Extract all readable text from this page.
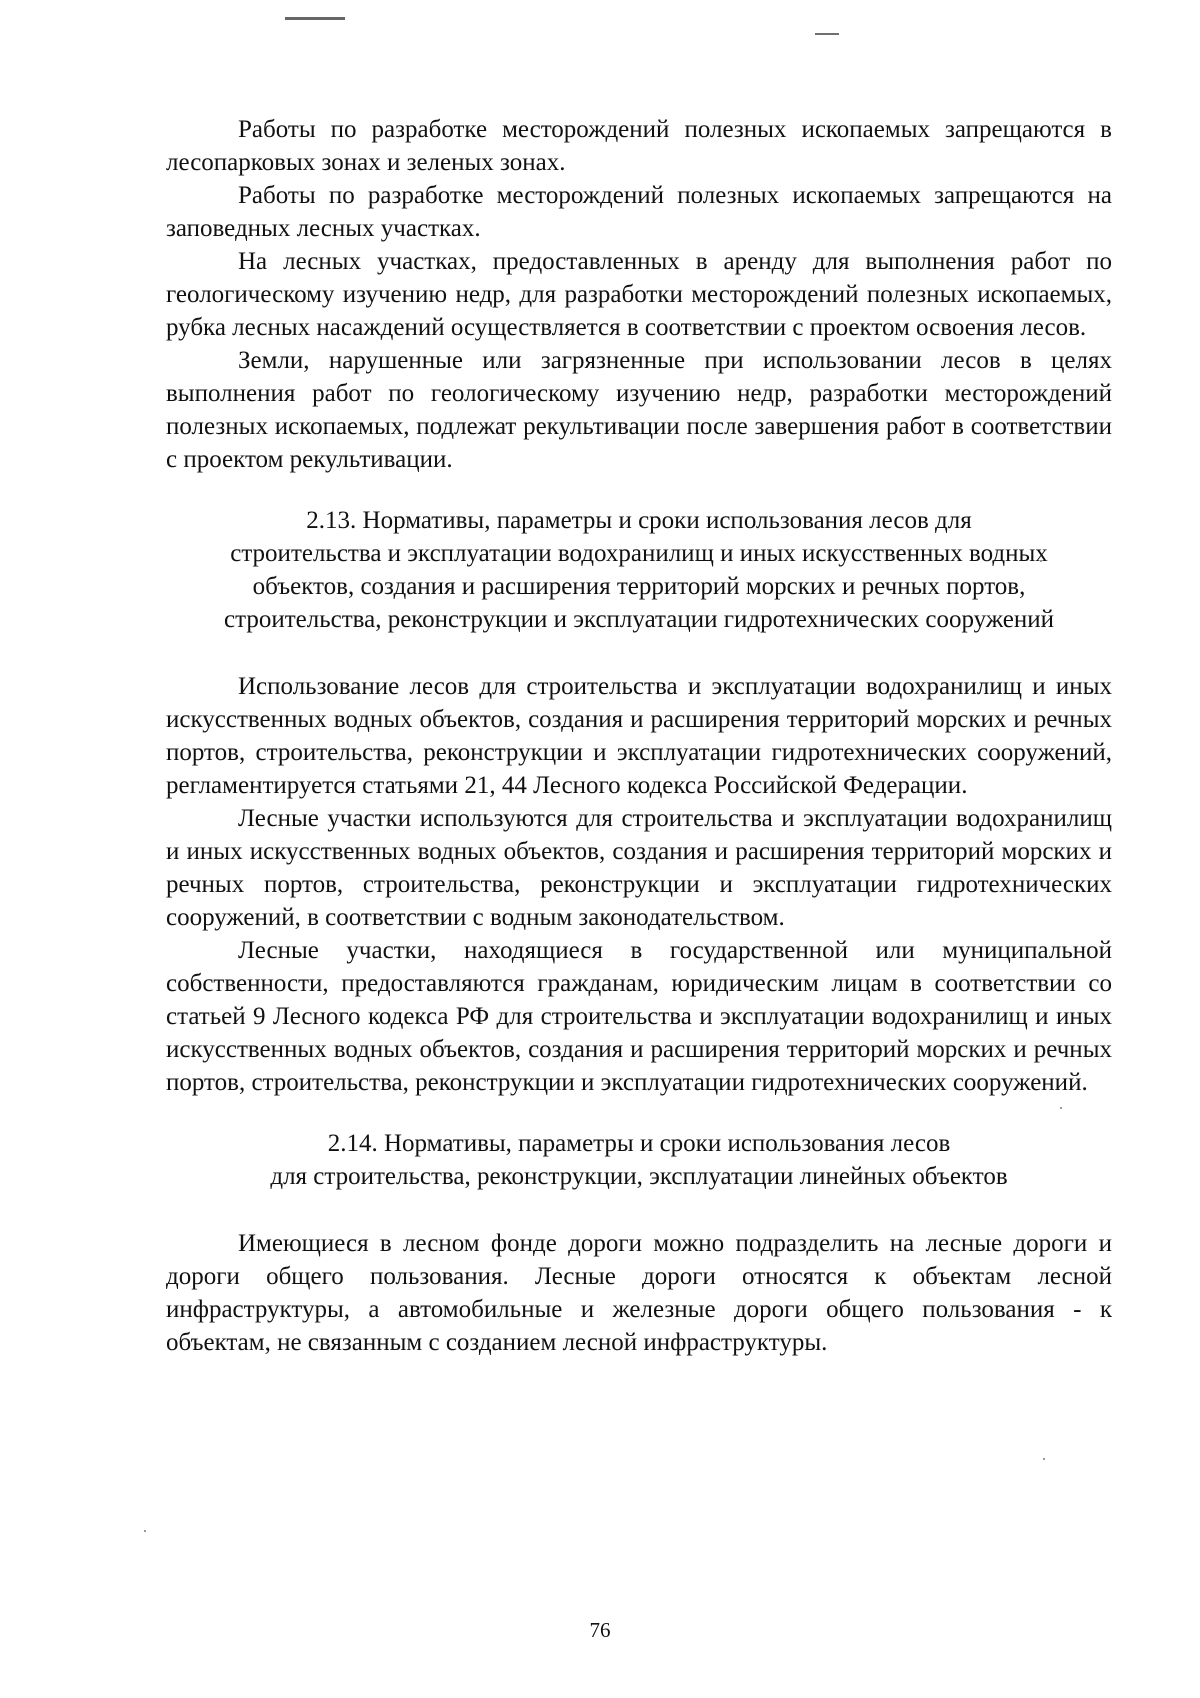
Работы по разработке месторождений полезных ископаемых запрещаются в лесопарковых зонах и зеленых зонах.

Работы по разработке месторождений полезных ископаемых запрещаются на заповедных лесных участках.

На лесных участках, предоставленных в аренду для выполнения работ по геологическому изучению недр, для разработки месторождений полезных ископаемых, рубка лесных насаждений осуществляется в соответствии с проектом освоения лесов.

Земли, нарушенные или загрязненные при использовании лесов в целях выполнения работ по геологическому изучению недр, разработки месторождений полезных ископаемых, подлежат рекультивации после завершения работ в соответствии с проектом рекультивации.

2.13. Нормативы, параметры и сроки использования лесов для
строительства и эксплуатации водохранилищ и иных искусственных водных
объектов, создания и расширения территорий морских и речных портов,
строительства, реконструкции и эксплуатации гидротехнических сооружений

Использование лесов для строительства и эксплуатации водохранилищ и иных искусственных водных объектов, создания и расширения территорий морских и речных портов, строительства, реконструкции и эксплуатации гидротехнических сооружений, регламентируется статьями 21, 44 Лесного кодекса Российской Федерации.

Лесные участки используются для строительства и эксплуатации водохранилищ и иных искусственных водных объектов, создания и расширения территорий морских и речных портов, строительства, реконструкции и эксплуатации гидротехнических сооружений, в соответствии с водным законодательством.

Лесные участки, находящиеся в государственной или муниципальной собственности, предоставляются гражданам, юридическим лицам в соответствии со статьей 9 Лесного кодекса РФ для строительства и эксплуатации водохранилищ и иных искусственных водных объектов, создания и расширения территорий морских и речных портов, строительства, реконструкции и эксплуатации гидротехнических сооружений.

2.14. Нормативы, параметры и сроки использования лесов
для строительства, реконструкции, эксплуатации линейных объектов

Имеющиеся в лесном фонде дороги можно подразделить на лесные дороги и дороги общего пользования. Лесные дороги относятся к объектам лесной инфраструктуры, а автомобильные и железные дороги общего пользования - к объектам, не связанным с созданием лесной инфраструктуры.

76
